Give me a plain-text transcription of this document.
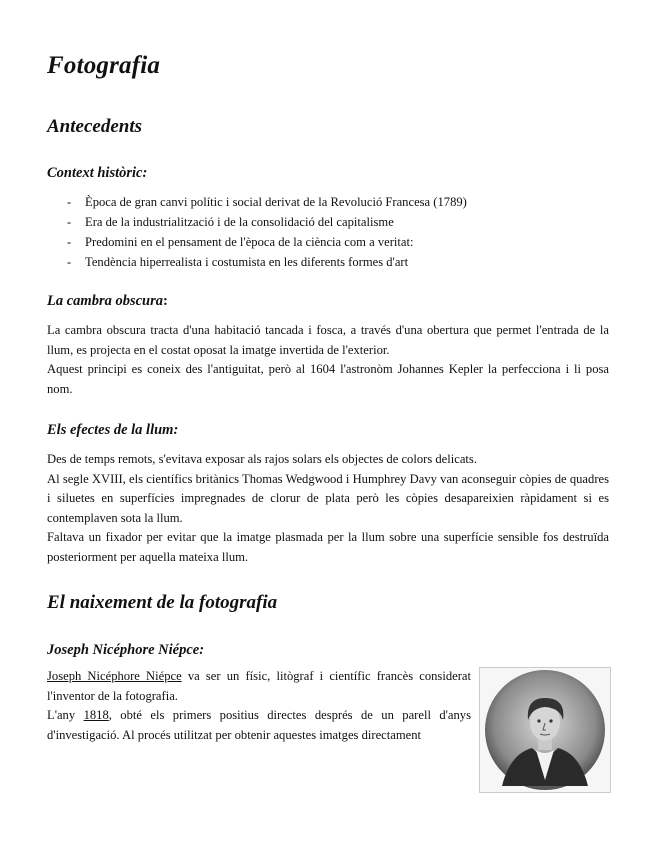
Fotografia
Antecedents
Context històric:
- Època de gran canvi polític i social derivat de la Revolució Francesa (1789)
- Era de la industrialització i de la consolidació del capitalisme
- Predomini en el pensament de l'època de la ciència com a veritat:
- Tendència hiperrealista i costumista en les diferents formes d'art
La cambra obscura:

La cambra obscura tracta d'una habitació tancada i fosca, a través d'una obertura que permet l'entrada de la llum, es projecta en el costat oposat la imatge invertida de l'exterior.

Aquest principi es coneix des l'antiguitat, però al 1604 l'astronòm Johannes Kepler la perfecciona i li posa nom.

Els efectes de la llum:

Des de temps remots, s'evitava exposar als rajos solars els objectes de colors delicats.

Al segle XVIII, els científics britànics Thomas Wedgwood i Humphrey Davy van aconseguir còpies de quadres i siluetes en superfícies impregnades de clorur de plata però les còpies desapareixien ràpidament si es contemplaven sota la llum.

Faltava un fixador per evitar que la imatge plasmada per la llum sobre una superfície sensible fos destruïda posteriorment per aquella mateixa llum.

El naixement de la fotografia
Joseph Nicéphore Niépce:

Joseph Nicéphore Niépce va ser un físic, litògraf i científic francès considerat l'inventor de la fotografia.

L'any 1818, obté els primers positius directes després de un parell d'anys d'investigació. Al procés utilitzat per obtenir aquestes imatges directament
